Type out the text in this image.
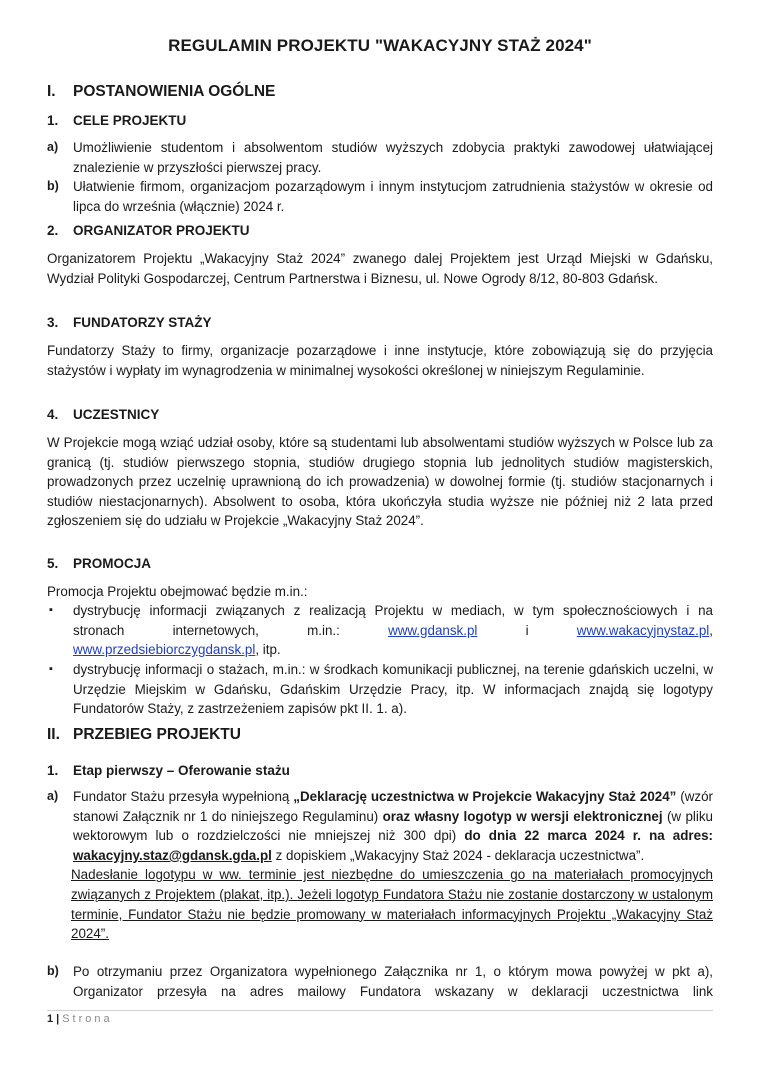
REGULAMIN PROJEKTU "WAKACYJNY STAŻ 2024"
I. POSTANOWIENIA OGÓLNE
1. CELE PROJEKTU
a) Umożliwienie studentom i absolwentom studiów wyższych zdobycia praktyki zawodowej ułatwiającej znalezienie w przyszłości pierwszej pracy.
b) Ułatwienie firmom, organizacjom pozarządowym i innym instytucjom zatrudnienia stażystów w okresie od lipca do września (włącznie) 2024 r.
2. ORGANIZATOR PROJEKTU
Organizatorem Projektu „Wakacyjny Staż 2024” zwanego dalej Projektem jest Urząd Miejski w Gdańsku, Wydział Polityki Gospodarczej, Centrum Partnerstwa i Biznesu, ul. Nowe Ogrody 8/12, 80-803 Gdańsk.
3. FUNDATORZY STAŻY
Fundatorzy Staży to firmy, organizacje pozarządowe i inne instytucje, które zobowiązują się do przyjęcia stażystów i wypłaty im wynagrodzenia w minimalnej wysokości określonej w niniejszym Regulaminie.
4. UCZESTNICY
W Projekcie mogą wziąć udział osoby, które są studentami lub absolwentami studiów wyższych w Polsce lub za granicą (tj. studiów pierwszego stopnia, studiów drugiego stopnia lub jednolitych studiów magisterskich, prowadzonych przez uczelnię uprawnioną do ich prowadzenia) w dowolnej formie (tj. studiów stacjonarnych i studiów niestacjonarnych). Absolwent to osoba, która ukończyła studia wyższe nie później niż 2 lata przed zgłoszeniem się do udziału w Projekcie „Wakacyjny Staż 2024”.
5. PROMOCJA
Promocja Projektu obejmować będzie m.in.:
▪ dystrybucję informacji związanych z realizacją Projektu w mediach, w tym społecznościowych i na
stronach	internetowych,	m.in.:	www.gdansk.pl	i	www.wakacyjnystaz.pl,
www.przedsiebiorczygdansk.pl, itp.
▪ dystrybucję informacji o stażach, m.in.: w środkach komunikacji publicznej, na terenie gdańskich uczelni, w Urzędzie Miejskim w Gdańsku, Gdańskim Urzędzie Pracy, itp. W informacjach znajdą się logotypy Fundatorów Staży, z zastrzeżeniem zapisów pkt II. 1. a).
II. PRZEBIEG PROJEKTU
1. Etap pierwszy – Oferowanie stażu
a) Fundator Stażu przesyła wypełnioną „Deklarację uczestnictwa w Projekcie Wakacyjny Staż 2024” (wzór stanowi Załącznik nr 1 do niniejszego Regulaminu) oraz własny logotyp w wersji elektronicznej (w pliku wektorowym lub o rozdzielczości nie mniejszej niż 300 dpi) do dnia 22 marca 2024 r. na adres: wakacyjny.staz@gdansk.gda.pl z dopiskiem „Wakacyjny Staż 2024 - deklaracja uczestnictwa”.
Nadesłanie logotypu w ww. terminie jest niezbędne do umieszczenia go na materiałach promocyjnych związanych z Projektem (plakat, itp.). Jeżeli logotyp Fundatora Stażu nie zostanie dostarczony w ustalonym terminie, Fundator Stażu nie będzie promowany w materiałach informacyjnych Projektu „Wakacyjny Staż 2024”.
b) Po otrzymaniu przez Organizatora wypełnionego Załącznika nr 1, o którym mowa powyżej w pkt a), Organizator przesyła na adres mailowy Fundatora wskazany w deklaracji uczestnictwa link
1 | Strona
